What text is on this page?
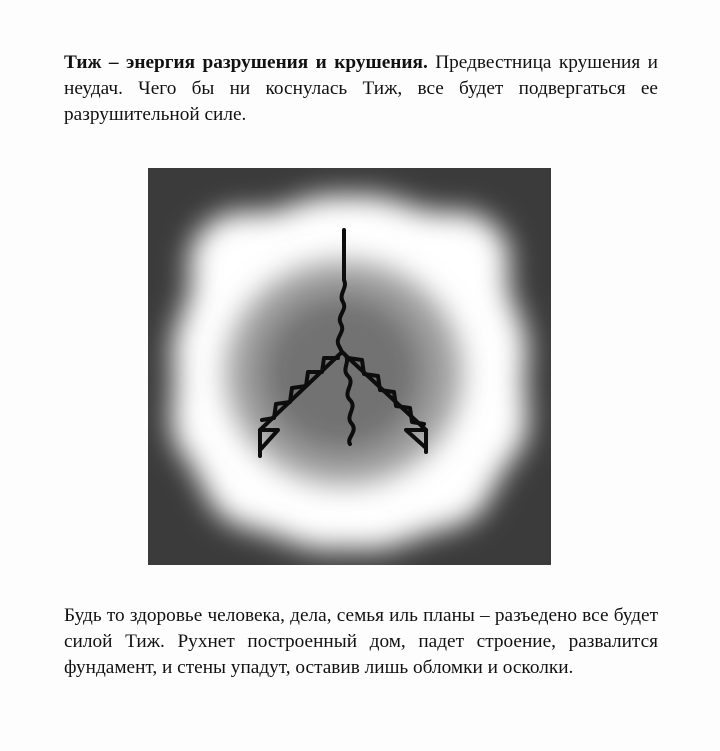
Тиж – энергия разрушения и крушения. Предвестница крушения и неудач. Чего бы ни коснулась Тиж, все будет подвергаться ее разрушительной силе.

Будь то здоровье человека, дела, семья иль планы – разъедено все будет силой Тиж. Рухнет построенный дом, падет строение, развалится фундамент, и стены упадут, оставив лишь обломки и осколки.
